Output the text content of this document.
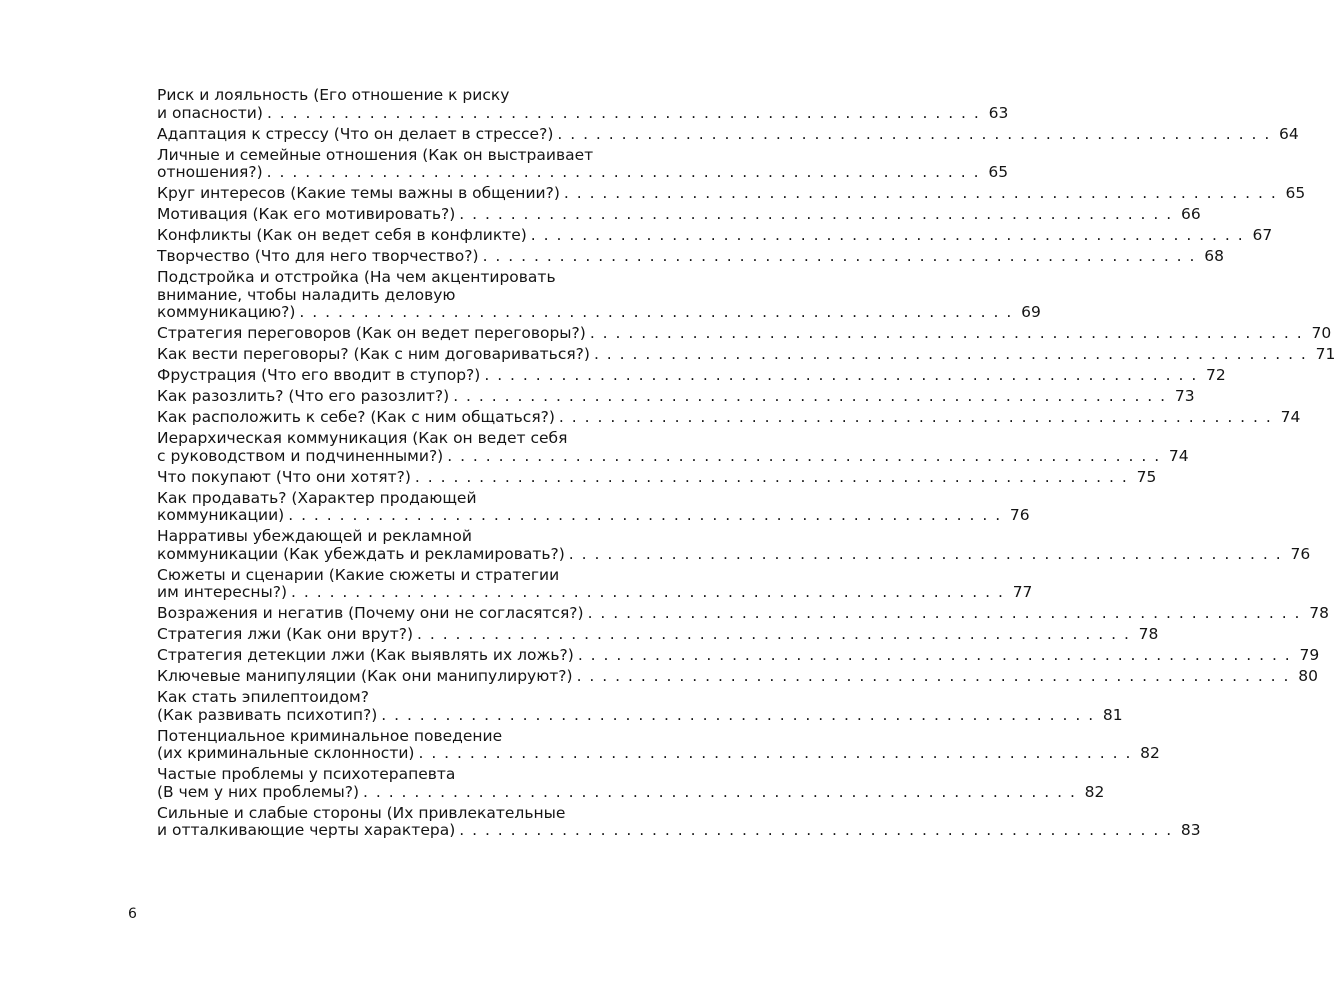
Риск и лояльность (Его отношение к риску
и опасности) . . . . . . . . . . . . . . . . . . . . . . . . . . . . . . . . . . . . . . . . . . . . . . . . . . . . . . . . 63
Адаптация к стрессу (Что он делает в стрессе?) . . . . . . . . . . . . . . . . . . . . . . . . . . . . . . . . . . . . . . . . . . . . . . . . . . . . . . . . 64
Личные и семейные отношения (Как он выстраивает
отношения?) . . . . . . . . . . . . . . . . . . . . . . . . . . . . . . . . . . . . . . . . . . . . . . . . . . . . . . . . 65
Круг интересов (Какие темы важны в общении?) . . . . . . . . . . . . . . . . . . . . . . . . . . . . . . . . . . . . . . . . . . . . . . . . . . . . . . . . 65
Мотивация (Как его мотивировать?) . . . . . . . . . . . . . . . . . . . . . . . . . . . . . . . . . . . . . . . . . . . . . . . . . . . . . . . . 66
Конфликты (Как он ведет себя в конфликте) . . . . . . . . . . . . . . . . . . . . . . . . . . . . . . . . . . . . . . . . . . . . . . . . . . . . . . . . 67
Творчество (Что для него творчество?) . . . . . . . . . . . . . . . . . . . . . . . . . . . . . . . . . . . . . . . . . . . . . . . . . . . . . . . . 68
Подстройка и отстройка (На чем акцентировать
внимание, чтобы наладить деловую
коммуникацию?) . . . . . . . . . . . . . . . . . . . . . . . . . . . . . . . . . . . . . . . . . . . . . . . . . . . . . . . . 69
Стратегия переговоров (Как он ведет переговоры?) . . . . . . . . . . . . . . . . . . . . . . . . . . . . . . . . . . . . . . . . . . . . . . . . . . . . . . . . 70
Как вести переговоры? (Как с ним договариваться?) . . . . . . . . . . . . . . . . . . . . . . . . . . . . . . . . . . . . . . . . . . . . . . . . . . . . . . . . 71
Фрустрация (Что его вводит в ступор?) . . . . . . . . . . . . . . . . . . . . . . . . . . . . . . . . . . . . . . . . . . . . . . . . . . . . . . . . 72
Как разозлить? (Что его разозлит?) . . . . . . . . . . . . . . . . . . . . . . . . . . . . . . . . . . . . . . . . . . . . . . . . . . . . . . . . 73
Как расположить к себе? (Как с ним общаться?) . . . . . . . . . . . . . . . . . . . . . . . . . . . . . . . . . . . . . . . . . . . . . . . . . . . . . . . . 74
Иерархическая коммуникация (Как он ведет себя
с руководством и подчиненными?) . . . . . . . . . . . . . . . . . . . . . . . . . . . . . . . . . . . . . . . . . . . . . . . . . . . . . . . . 74
Что покупают (Что они хотят?) . . . . . . . . . . . . . . . . . . . . . . . . . . . . . . . . . . . . . . . . . . . . . . . . . . . . . . . . 75
Как продавать? (Характер продающей
коммуникации) . . . . . . . . . . . . . . . . . . . . . . . . . . . . . . . . . . . . . . . . . . . . . . . . . . . . . . . . 76
Нарративы убеждающей и рекламной
коммуникации (Как убеждать и рекламировать?) . . . . . . . . . . . . . . . . . . . . . . . . . . . . . . . . . . . . . . . . . . . . . . . . . . . . . . . . 76
Сюжеты и сценарии (Какие сюжеты и стратегии
им интересны?) . . . . . . . . . . . . . . . . . . . . . . . . . . . . . . . . . . . . . . . . . . . . . . . . . . . . . . . . 77
Возражения и негатив (Почему они не согласятся?) . . . . . . . . . . . . . . . . . . . . . . . . . . . . . . . . . . . . . . . . . . . . . . . . . . . . . . . . 78
Стратегия лжи (Как они врут?) . . . . . . . . . . . . . . . . . . . . . . . . . . . . . . . . . . . . . . . . . . . . . . . . . . . . . . . . 78
Стратегия детекции лжи (Как выявлять их ложь?) . . . . . . . . . . . . . . . . . . . . . . . . . . . . . . . . . . . . . . . . . . . . . . . . . . . . . . . . 79
Ключевые манипуляции (Как они манипулируют?) . . . . . . . . . . . . . . . . . . . . . . . . . . . . . . . . . . . . . . . . . . . . . . . . . . . . . . . . 80
Как стать эпилептоидом?
(Как развивать психотип?) . . . . . . . . . . . . . . . . . . . . . . . . . . . . . . . . . . . . . . . . . . . . . . . . . . . . . . . . 81
Потенциальное криминальное поведение
(их криминальные склонности) . . . . . . . . . . . . . . . . . . . . . . . . . . . . . . . . . . . . . . . . . . . . . . . . . . . . . . . . 82
Частые проблемы у психотерапевта
(В чем у них проблемы?) . . . . . . . . . . . . . . . . . . . . . . . . . . . . . . . . . . . . . . . . . . . . . . . . . . . . . . . . 82
Сильные и слабые стороны (Их привлекательные
и отталкивающие черты характера) . . . . . . . . . . . . . . . . . . . . . . . . . . . . . . . . . . . . . . . . . . . . . . . . . . . . . . . . 83
6
